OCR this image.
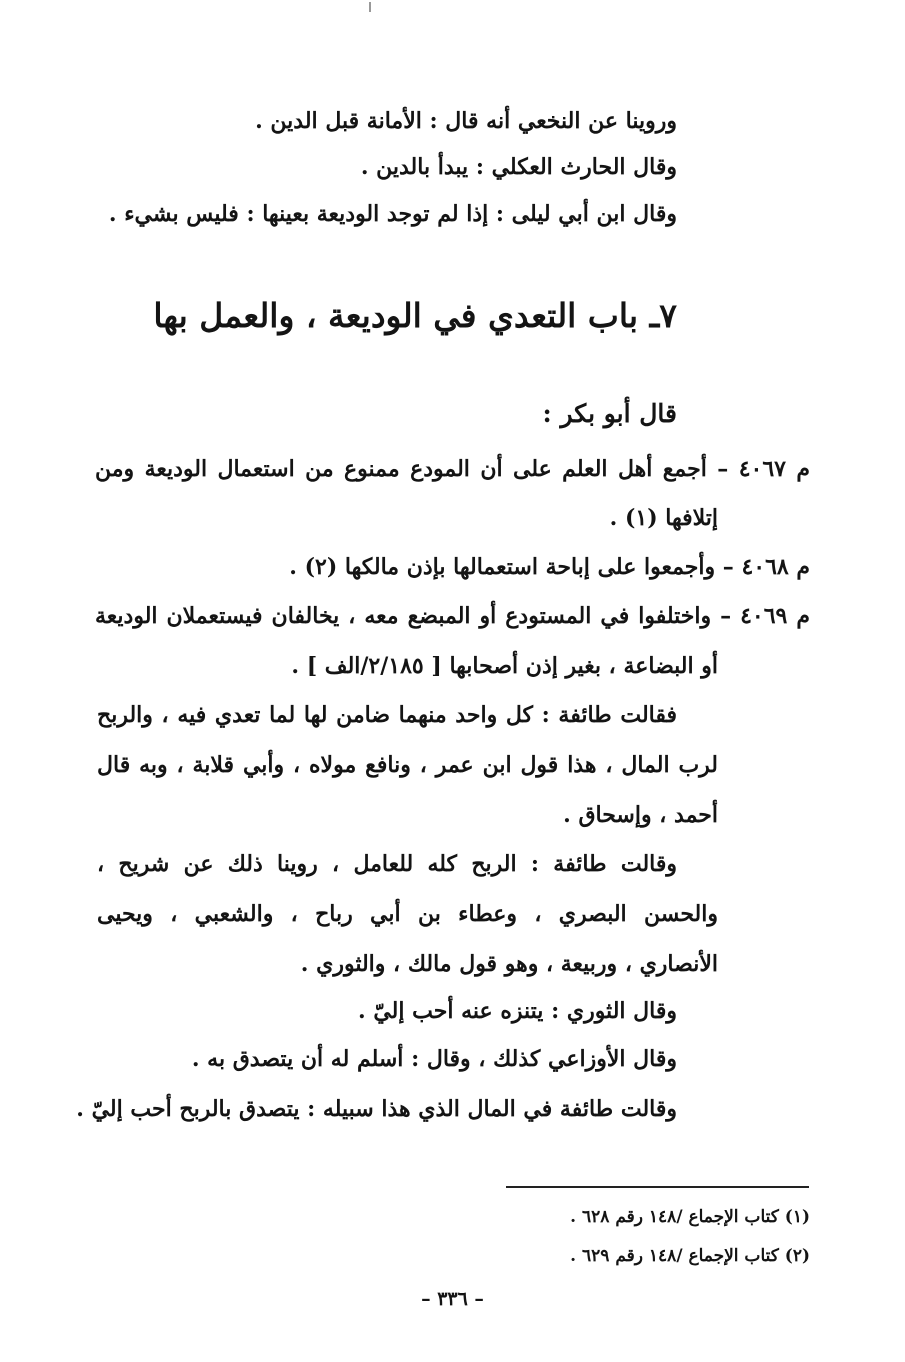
وروينا عن النخعي أنه قال : الأمانة قبل الدين .
وقال الحارث العكلي : يبدأ بالدين .
وقال ابن أبي ليلى : إذا لم توجد الوديعة بعينها : فليس بشيء .
٧ـ باب التعدي في الوديعة ، والعمل بها
قال أبو بكر :
م ٤٠٦٧ – أجمع أهل العلم على أن المودع ممنوع من استعمال الوديعة ومن
إتلافها (١) .
م ٤٠٦٨ – وأجمعوا على إباحة استعمالها بإذن مالكها (٢) .
م ٤٠٦٩ – واختلفوا في المستودع أو المبضع معه ، يخالفان فيستعملان الوديعة
أو البضاعة ، بغير إذن أصحابها [ ٢/١٨٥/الف ] .
فقالت طائفة : كل واحد منهما ضامن لها لما تعدي فيه ، والربح
لرب المال ، هذا قول ابن عمر ، ونافع مولاه ، وأبي قلابة ، وبه قال
أحمد ، وإسحاق .
وقالت طائفة : الربح كله للعامل ، روينا ذلك عن شريح ،
والحسن البصري ، وعطاء بن أبي رباح ، والشعبي ، ويحيى
الأنصاري ، وربيعة ، وهو قول مالك ، والثوري .
وقال الثوري : يتنزه عنه أحب إليّ .
وقال الأوزاعي كذلك ، وقال : أسلم له أن يتصدق به .
وقالت طائفة في المال الذي هذا سبيله : يتصدق بالربح أحب إليّ .
(١) كتاب الإجماع /١٤٨ رقم ٦٢٨ .
(٢) كتاب الإجماع /١٤٨ رقم ٦٢٩ .
– ٣٣٦ –
